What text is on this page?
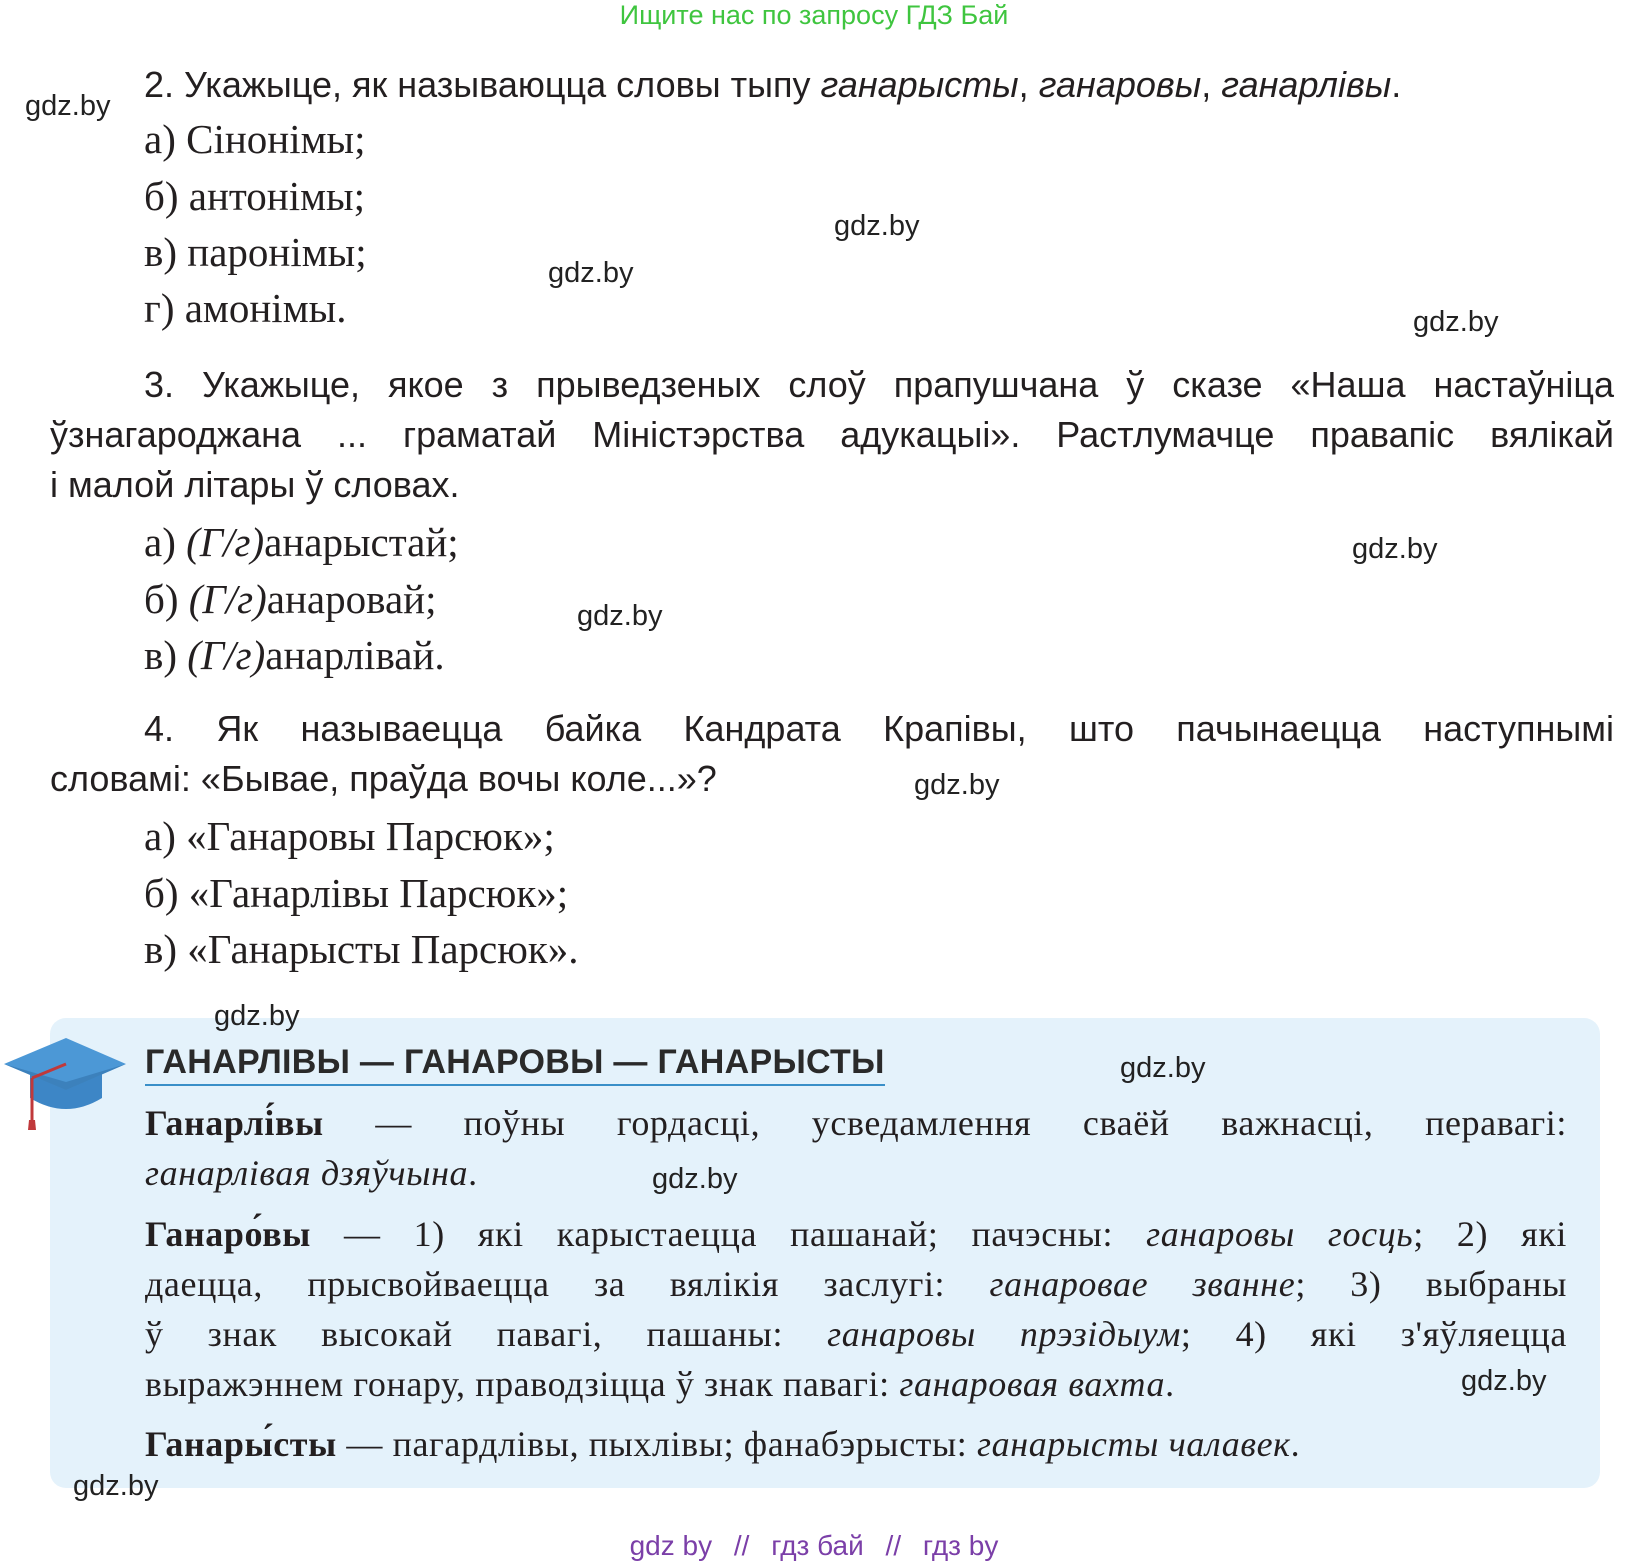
Ищите нас по запросу ГДЗ Бай
2. Укажыце, як называюцца словы тыпу ганарысты, ганаровы, ганарлівы.
а) Сінонімы;
б) антонімы;
в) паронімы;
г) амонімы.
3. Укажыце, якое з прыведзеных слоў прапушчана ў сказе «Наша настаўніца
ўзнагароджана ... граматай Міністэрства адукацыі». Растлумачце правапіс вялікай
і малой літары ў словах.
а) (Г/г)анарыстай;
б) (Г/г)анаровай;
в) (Г/г)анарлівай.
4. Як называецца байка Кандрата Крапівы, што пачынаецца наступнымі
словамі: «Бывае, праўда вочы коле...»?
а) «Ганаровы Парсюк»;
б) «Ганарлівы Парсюк»;
в) «Ганарысты Парсюк».
ГАНАРЛІВЫ — ГАНАРОВЫ — ГАНАРЫСТЫ
Ганарлі́вы — поўны гордасці, усведамлення сваёй важнасці, перавагі:
ганарлівая дзяўчына.
Ганаро́вы — 1) які карыстаецца пашанай; пачэсны: ганаровы госць; 2) які
даецца, прысвойваецца за вялікія заслугі: ганаровае званне; 3) выбраны
ў знак высокай павагі, пашаны: ганаровы прэзідыум; 4) які з'яўляецца
выражэннем гонару, праводзіцца ў знак павагі: ганаровая вахта.
Ганары́сты — пагардлівы, пыхлівы; фанабэрысты: ганарысты чалавек.
gdz.by
gdz.by
gdz.by
gdz.by
gdz.by
gdz.by
gdz.by
gdz.by
gdz.by
gdz.by
gdz.by
gdz.by
gdz by // гдз бай // гдз by
